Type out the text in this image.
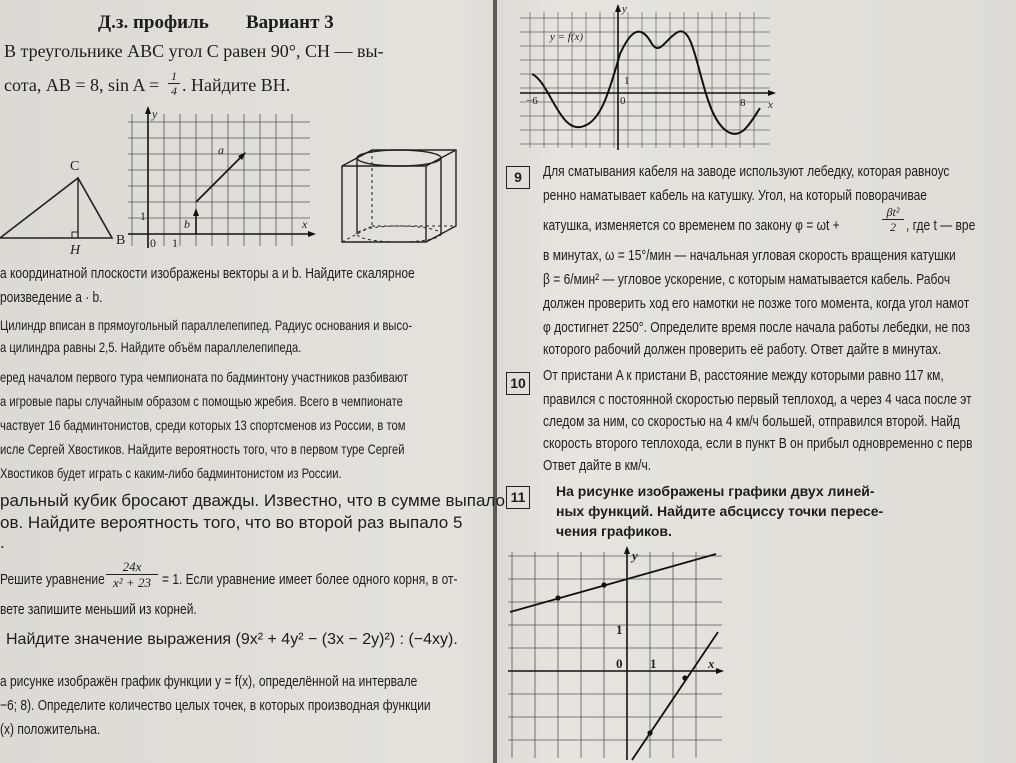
Д.з. профиль Вариант 3
В треугольнике ABC угол C равен 90°, CH — вы-
сота, AB = 8, sin A = 1
4 . Найдите BH.
C
H
B
y
x
a
b
0 1
1
а координатной плоскости изображены векторы a и b. Найдите скалярное
роизведение a · b.
Цилиндр вписан в прямоугольный параллелепипед. Радиус основания и высо-
а цилиндра равны 2,5. Найдите объём параллелепипеда.
еред началом первого тура чемпионата по бадминтону участников разбивают
а игровые пары случайным образом с помощью жребия. Всего в чемпионате
частвует 16 бадминтонистов, среди которых 13 спортсменов из России, в том
исле Сергей Хвостиков. Найдите вероятность того, что в первом туре Сергей
Хвостиков будет играть с каким-либо бадминтонистом из России.
ральный кубик бросают дважды. Известно, что в сумме выпало
ов. Найдите вероятность того, что во второй раз выпало 5
.
Решите уравнение
24x
x² + 23 = 1. Если уравнение имеет более одного корня, в от-
вете запишите меньший из корней.
Найдите значение выражения (9x² + 4y² − (3x − 2y)²) : (−4xy).
а рисунке изображён график функции y = f(x), определённой на интервале
−6; 8). Определите количество целых точек, в которых производная функции
(x) положительна.
y
y = f(x)
1
0
−6	8 x
9	Для сматывания кабеля на заводе используют лебедку, которая равноус
ренно наматывает кабель на катушку. Угол, на который поворачивае
катушка, изменяется со временем по закону φ = ωt +
βt²
2 , где t — вре
в минутах, ω = 15°/мин — начальная угловая скорость вращения катушки
β = 6/мин² — угловое ускорение, с которым наматывается кабель. Рабоч
должен проверить ход его намотки не позже того момента, когда угол намот
φ достигнет 2250°. Определите время после начала работы лебедки, не поз
которого рабочий должен проверить её работу. Ответ дайте в минутах.
10 От пристани A к пристани B, расстояние между которыми равно 117 км,
правился с постоянной скоростью первый теплоход, а через 4 часа после эт
следом за ним, со скоростью на 4 км/ч большей, отправился второй. Найд
скорость второго теплохода, если в пункт B он прибыл одновременно с перв
Ответ дайте в км/ч.
11	На рисунке изображены графики двух линей-
ных функций. Найдите абсциссу точки пересе-
чения графиков.
y
x
0 1
1
